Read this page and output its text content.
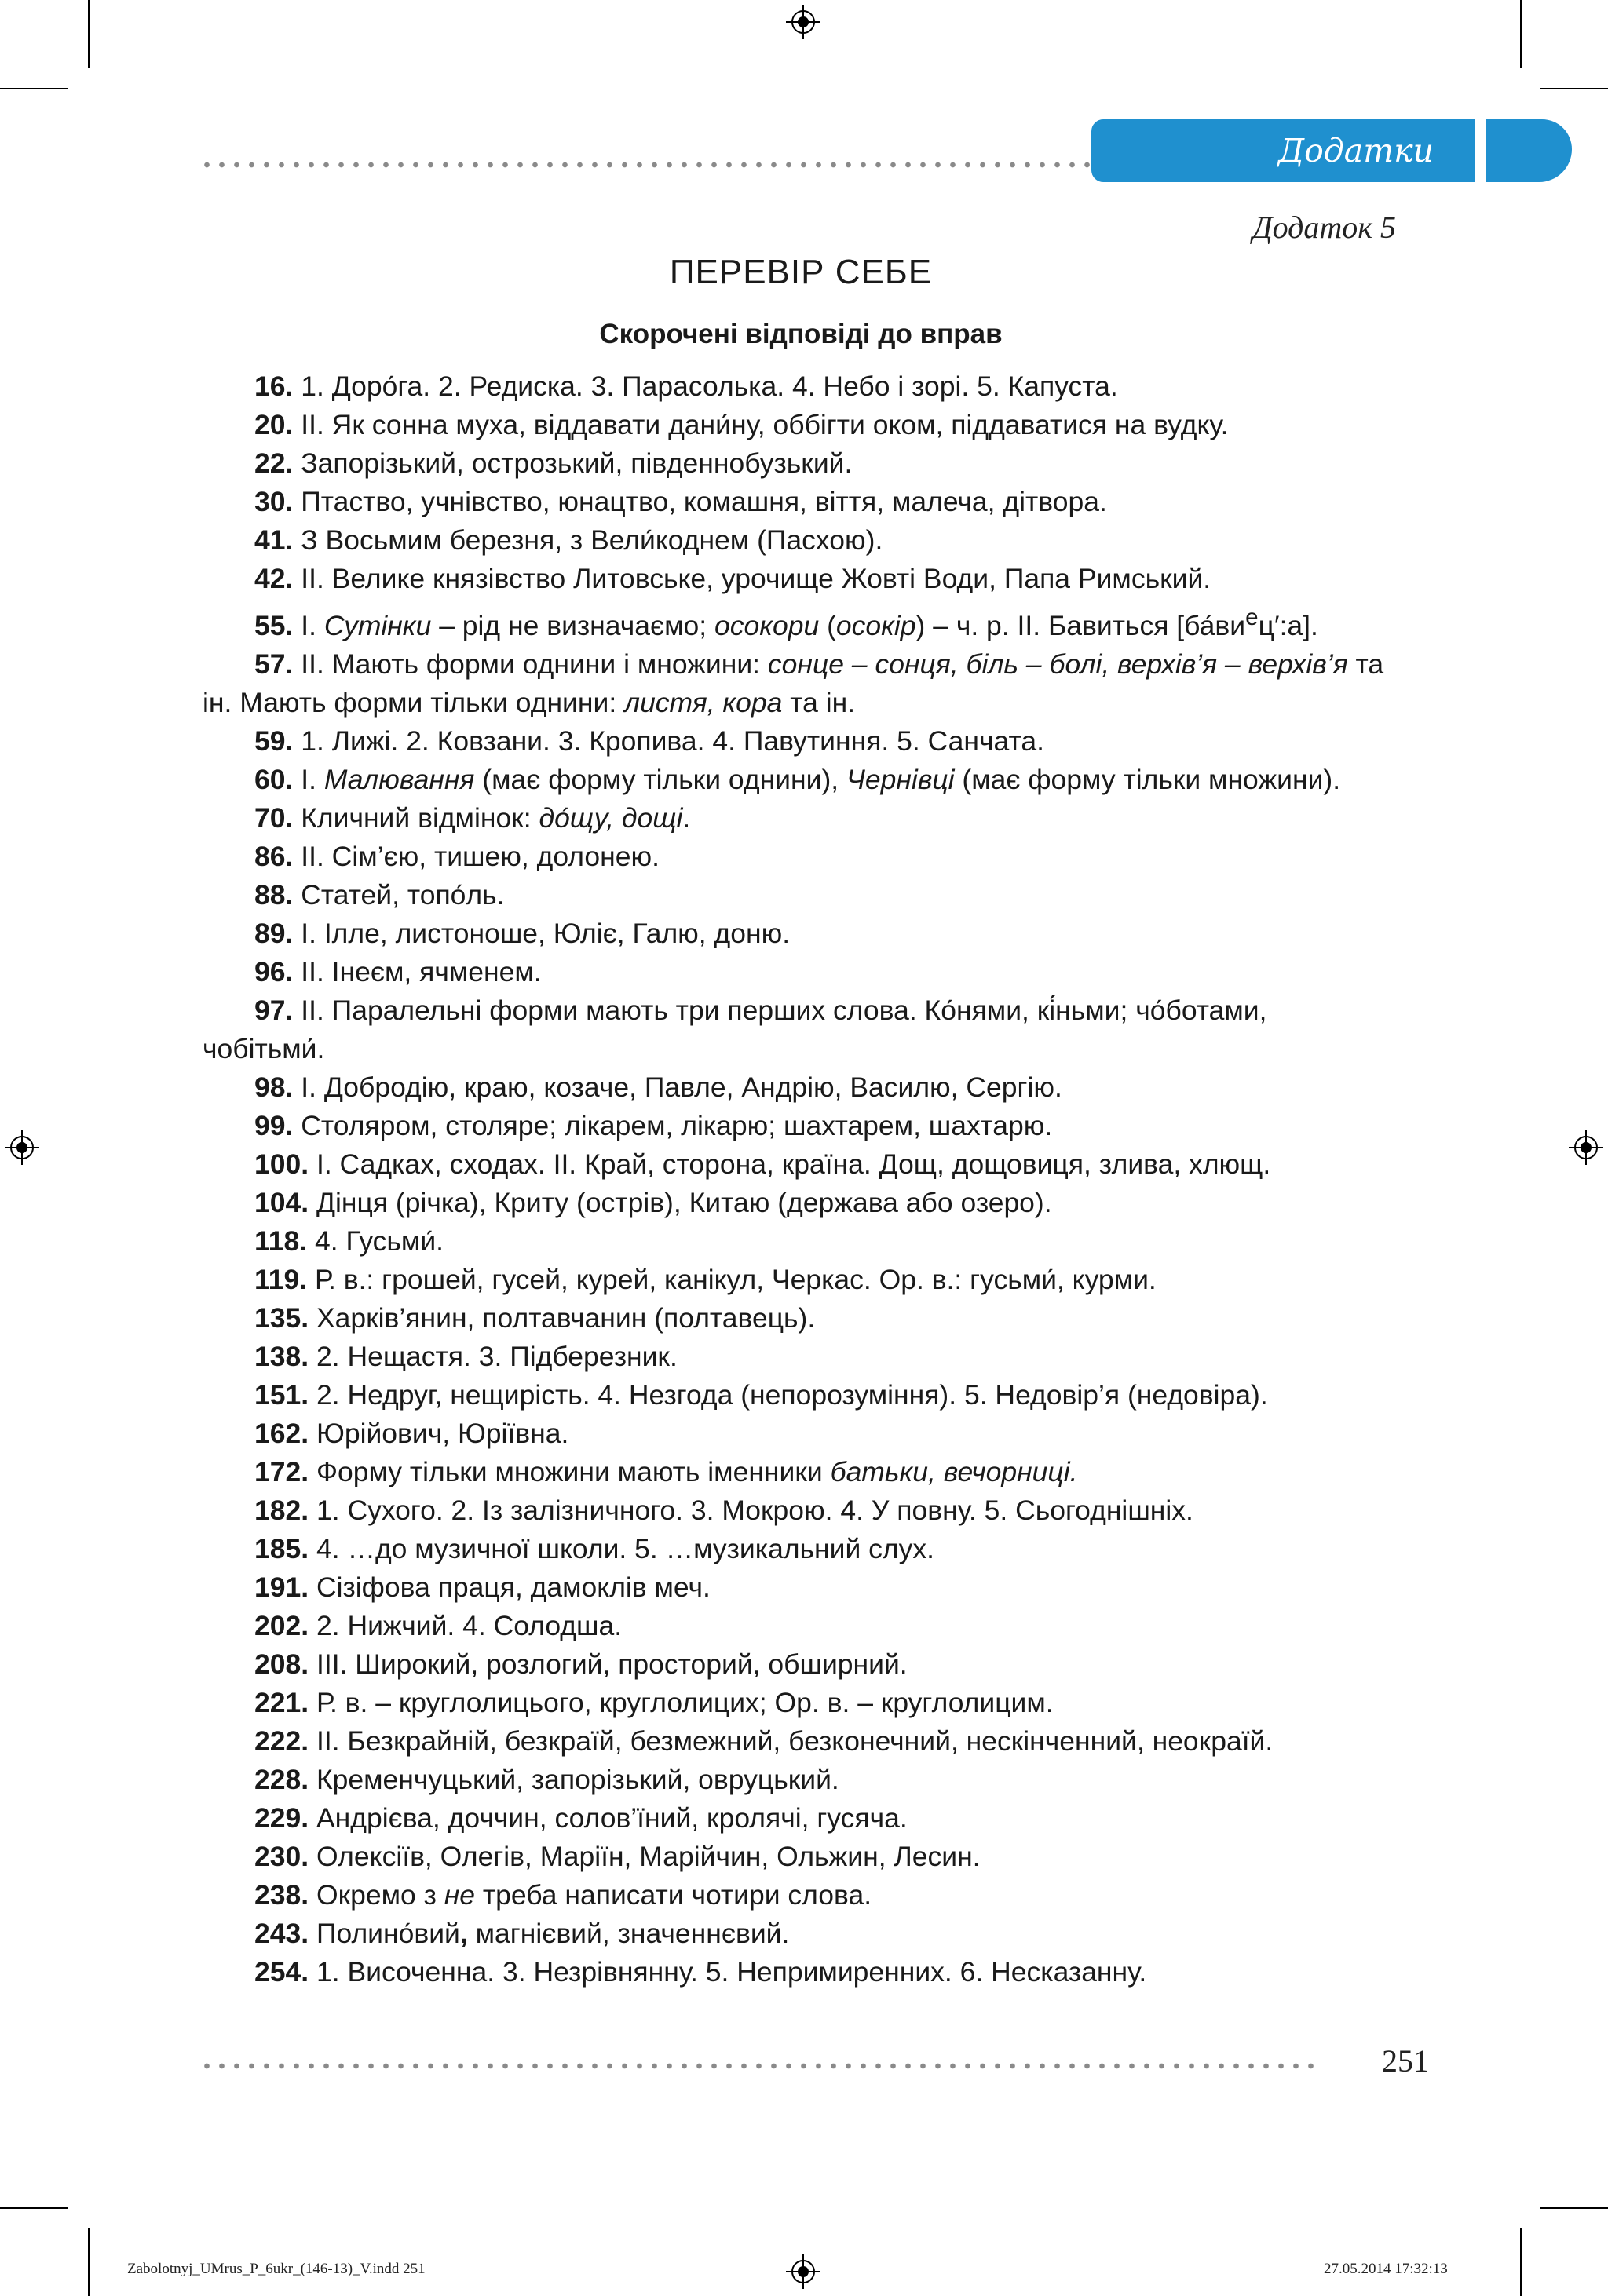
Додатки
Додаток 5
ПЕРЕВІР СЕБЕ
Скорочені відповіді до вправ

16. 1. Доро́га. 2. Редиска. 3. Парасолька. 4. Небо і зорі. 5. Капуста.

20. ІІ. Як сонна муха, віддавати дани́ну, оббігти оком, піддаватися на вудку.

22. Запорізький, острозький, південнобузький.

30. Птаство, учнівство, юнацтво, комашня, віття, малеча, дітвора.

41. З Восьмим березня, з Вели́коднем (Пасхою).

42. ІІ. Велике князівство Литовське, урочище Жовті Води, Папа Римський.

55. І. Сутінки – рід не визначаємо; осокори (осокір) – ч. р. ІІ. Бавиться $[ба́ви^ец':а]$.

57. ІІ. Мають форми однини і множини: сонце – сонця, біль – болі, верхів’я – верхів’я та ін. Мають форми тільки однини: листя, кора та ін.

59. 1. Лижі. 2. Ковзани. 3. Кропива. 4. Павутиння. 5. Санчата.

60. І. Малювання (має форму тільки однини), Чернівці (має форму тільки множини).

70. Кличний відмінок: до́щу, дощі.

86. ІІ. Сім’єю, тишею, долонею.

88. Статей, топо́ль.

89. І. Ілле, листоноше, Юліє, Галю, доню.

96. ІІ. Інеєм, ячменем.

97. ІІ. Паралельні форми мають три перших слова. Ко́нями, кі́ньми; чо́ботами, чобітьми́.

98. І. Добродію, краю, козаче, Павле, Андрію, Василю, Сергію.

99. Столяром, столяре; лікарем, лікарю; шахтарем, шахтарю.

100. І. Садках, сходах. ІІ. Край, сторона, країна. Дощ, дощовиця, злива, хлющ.

104. Дінця (річка), Криту (острів), Китаю (держава або озеро).

118. 4. Гусьми́.

119. Р. в.: грошей, гусей, курей, канікул, Черкас. Ор. в.: гусьми́, курми.

135. Харків’янин, полтавчанин (полтавець).

138. 2. Нещастя. 3. Підберезник.

151. 2. Недруг, нещирість. 4. Незгода (непорозуміння). 5. Недовір’я (недовіра).

162. Юрійович, Юріївна.

172. Форму тільки множини мають іменники батьки, вечорниці.

182. 1. Сухого. 2. Із залізничного. 3. Мокрою. 4. У повну. 5. Сьогоднішніх.

185. 4. …до музичної школи. 5. …музикальний слух.

191. Сізіфова праця, дамоклів меч.

202. 2. Нижчий. 4. Солодша.

208. ІІІ. Широкий, розлогий, просторий, обширний.

221. Р. в. – круглолицього, круглолицих; Ор. в. – круглолицим.

222. ІІ. Безкрайній, безкраїй, безмежний, безконечний, нескінченний, неокраїй.

228. Кременчуцький, запорізький, овруцький.

229. Андрієва, доччин, солов’їний, кролячі, гусяча.

230. Олексіїв, Олегів, Маріїн, Марійчин, Ольжин, Лесин.

238. Окремо з не треба написати чотири слова.

243. Полино́вий, магнієвий, значеннєвий.

254. 1. Височенна. 3. Незрівнянну. 5. Непримиренних. 6. Несказанну.

251
Zabolotnyj_UMrus_P_6ukr_(146-13)_V.indd 251	27.05.2014 17:32:13
